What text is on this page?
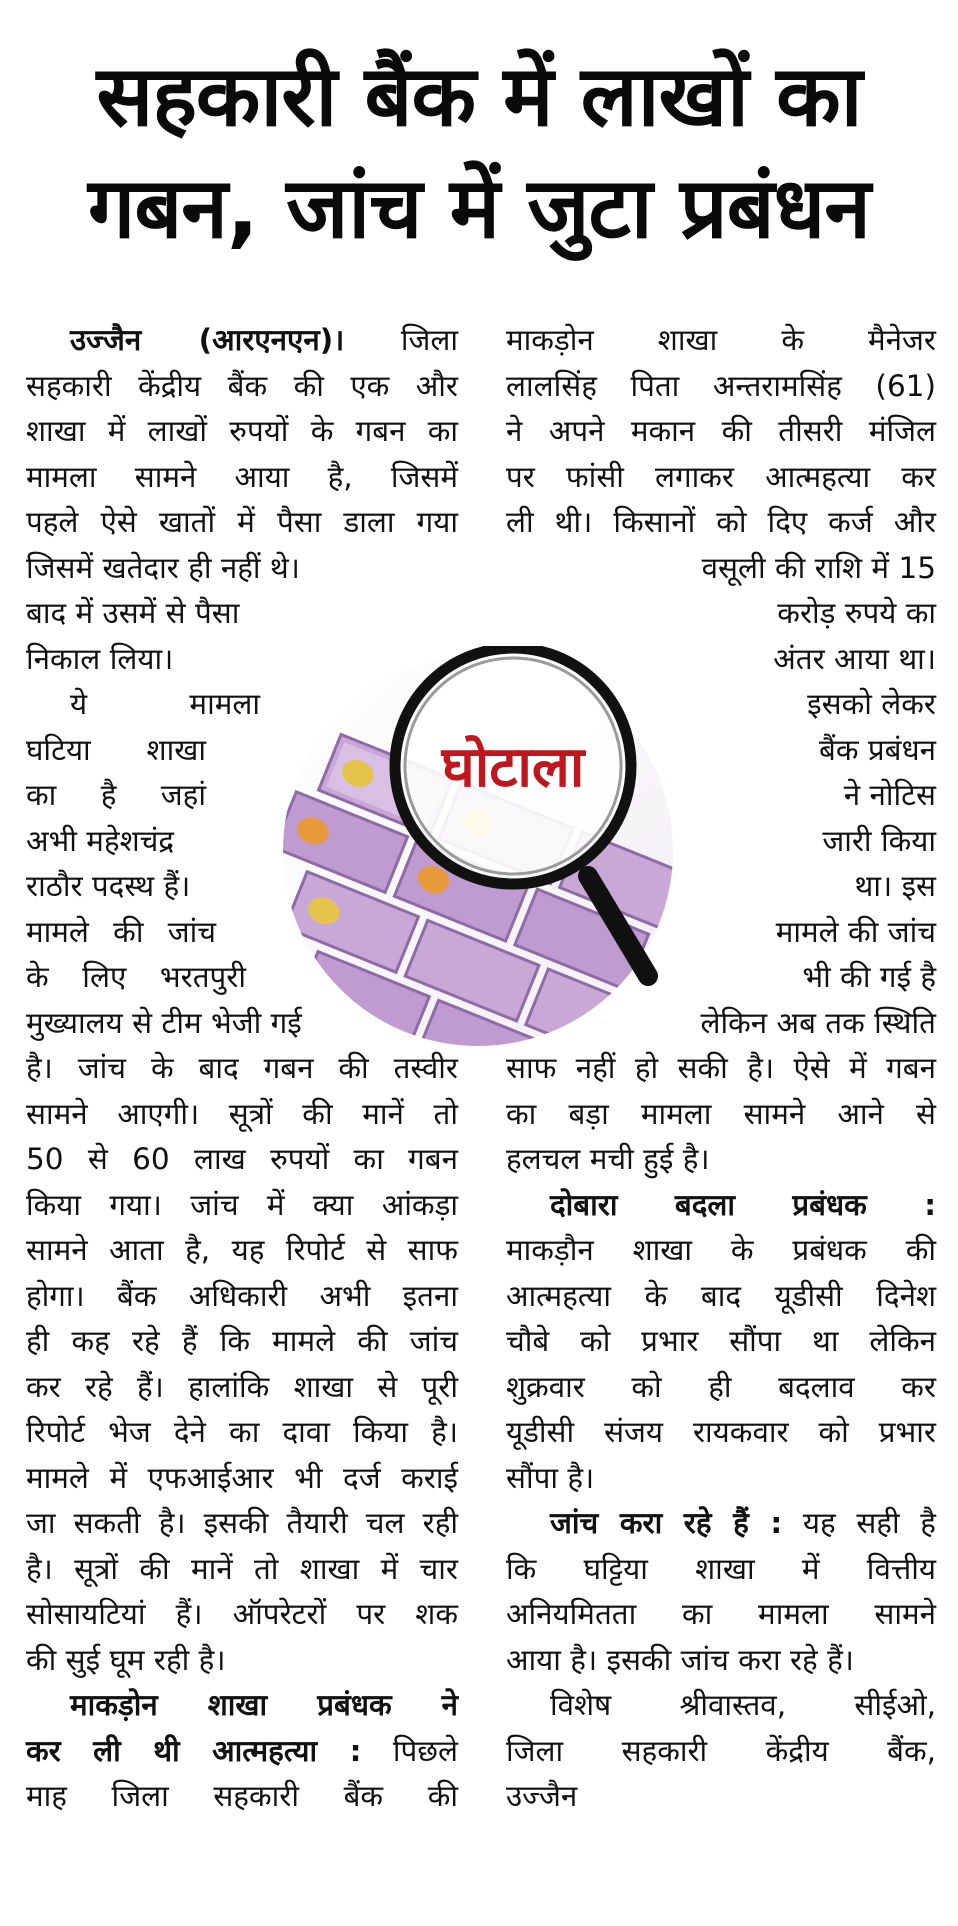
सहकारी बैंक में लाखों का
गबन, जांच में जुटा प्रबंधन
उज्जैन (आरएनएन)। जिला
सहकारी केंद्रीय बैंक की एक और
शाखा में लाखों रुपयों के गबन का
मामला सामने आया है, जिसमें
पहले ऐसे खातों में पैसा डाला गया
जिसमें खतेदार ही नहीं थे।
बाद में उसमें से पैसा
निकाल लिया।
ये मामला
घटिया शाखा
का है जहां
अभी महेशचंद्र
राठौर पदस्थ हैं।
मामले की जांच
के लिए भरतपुरी
मुख्यालय से टीम भेजी गई
है। जांच के बाद गबन की तस्वीर
सामने आएगी। सूत्रों की मानें तो
50 से 60 लाख रुपयों का गबन
किया गया। जांच में क्या आंकड़ा
सामने आता है, यह रिपोर्ट से साफ
होगा। बैंक अधिकारी अभी इतना
ही कह रहे हैं कि मामले की जांच
कर रहे हैं। हालांकि शाखा से पूरी
रिपोर्ट भेज देने का दावा किया है।
मामले में एफआईआर भी दर्ज कराई
जा सकती है। इसकी तैयारी चल रही
है। सूत्रों की मानें तो शाखा में चार
सोसायटियां हैं। ऑपरेटरों पर शक
की सुई घूम रही है।
माकड़ोन शाखा प्रबंधक ने
कर ली थी आत्महत्या : पिछले
माह जिला सहकारी बैंक की
माकड़ोन शाखा के मैनेजर
लालसिंह पिता अन्तरामसिंह (61)
ने अपने मकान की तीसरी मंजिल
पर फांसी लगाकर आत्महत्या कर
ली थी। किसानों को दिए कर्ज और
वसूली की राशि में 15
करोड़ रुपये का
अंतर आया था।
इसको लेकर
बैंक प्रबंधन
ने नोटिस
जारी किया
था। इस
मामले की जांच
भी की गई है
लेकिन अब तक स्थिति
साफ नहीं हो सकी है। ऐसे में गबन
का बड़ा मामला सामने आने से
हलचल मची हुई है।
दोबारा बदला प्रबंधक :
माकड़ौन शाखा के प्रबंधक की
आत्महत्या के बाद यूडीसी दिनेश
चौबे को प्रभार सौंपा था लेकिन
शुक्रवार को ही बदलाव कर
यूडीसी संजय रायकवार को प्रभार
सौंपा है।
जांच करा रहे हैं : यह सही है
कि घट्टिया शाखा में वित्तीय
अनियमितता का मामला सामने
आया है। इसकी जांच करा रहे हैं।
विशेष श्रीवास्तव, सीईओ,
जिला सहकारी केंद्रीय बैंक,
उज्जैन
घोटाला
